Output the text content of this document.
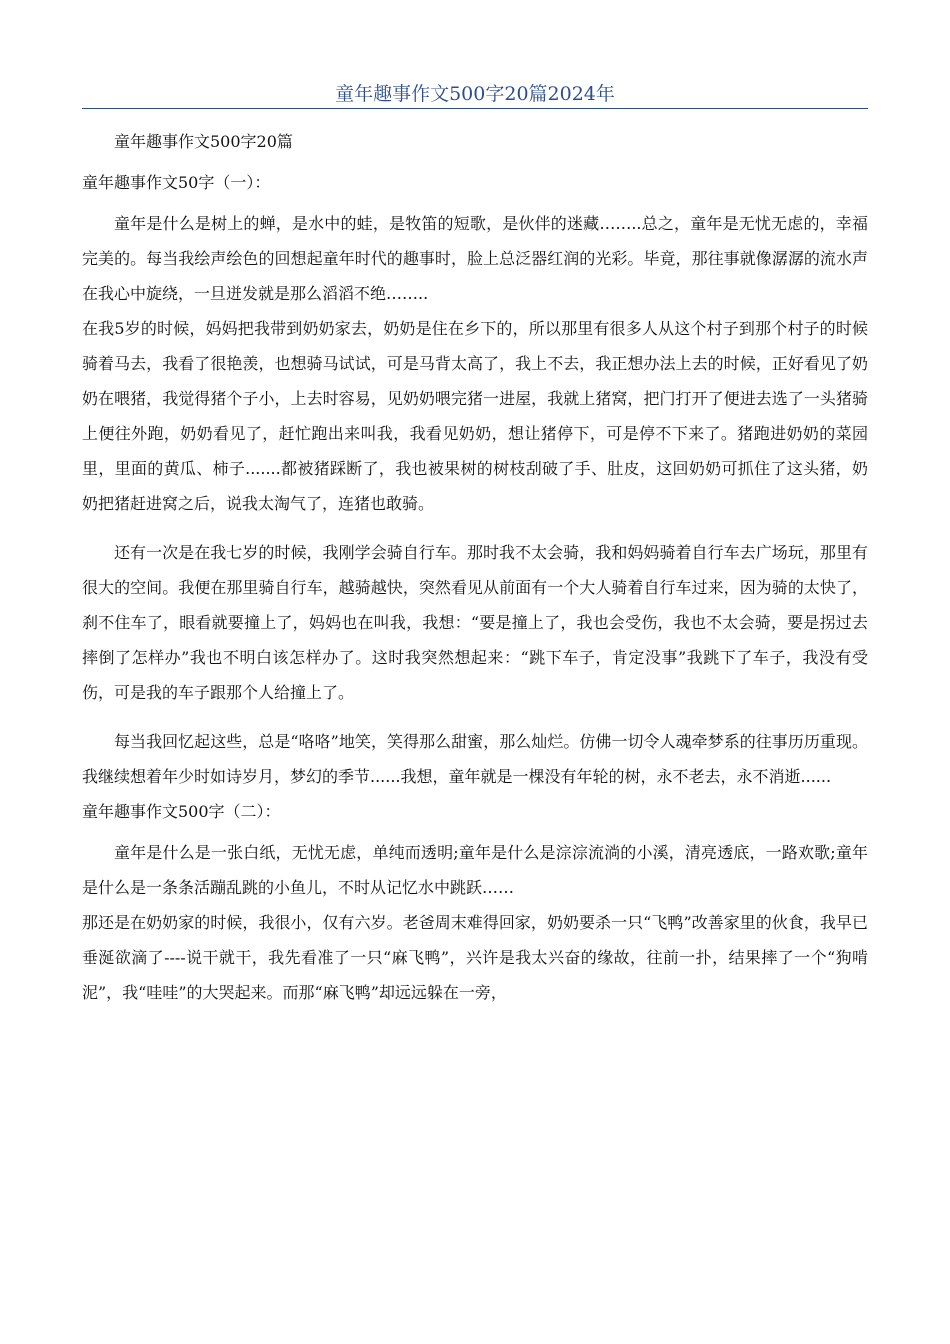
童年趣事作文500字20篇2024年

童年趣事作文500字20篇

童年趣事作文50字（一）：

童年是什么是树上的蝉，是水中的蛙，是牧笛的短歌，是伙伴的迷藏……..总之，童年是无忧无虑的，幸福完美的。每当我绘声绘色的回想起童年时代的趣事时，脸上总泛器红润的光彩。毕竟，那往事就像潺潺的流水声在我心中旋绕，一旦迸发就是那么滔滔不绝……..

在我5岁的时候，妈妈把我带到奶奶家去，奶奶是住在乡下的，所以那里有很多人从这个村子到那个村子的时候骑着马去，我看了很艳羡，也想骑马试试，可是马背太高了，我上不去，我正想办法上去的时候，正好看见了奶奶在喂猪，我觉得猪个子小，上去时容易，见奶奶喂完猪一进屋，我就上猪窝，把门打开了便进去选了一头猪骑上便往外跑，奶奶看见了，赶忙跑出来叫我，我看见奶奶，想让猪停下，可是停不下来了。猪跑进奶奶的菜园里，里面的黄瓜、柿子.......都被猪踩断了，我也被果树的树枝刮破了手、肚皮，这回奶奶可抓住了这头猪，奶奶把猪赶进窝之后，说我太淘气了，连猪也敢骑。

还有一次是在我七岁的时候，我刚学会骑自行车。那时我不太会骑，我和妈妈骑着自行车去广场玩，那里有很大的空间。我便在那里骑自行车，越骑越快，突然看见从前面有一个大人骑着自行车过来，因为骑的太快了，刹不住车了，眼看就要撞上了，妈妈也在叫我，我想：“要是撞上了，我也会受伤，我也不太会骑，要是拐过去摔倒了怎样办”我也不明白该怎样办了。这时我突然想起来：“跳下车子，肯定没事”我跳下了车子，我没有受伤，可是我的车子跟那个人给撞上了。

每当我回忆起这些，总是“咯咯”地笑，笑得那么甜蜜，那么灿烂。仿佛一切令人魂牵梦系的往事历历重现。我继续想着年少时如诗岁月，梦幻的季节......我想，童年就是一棵没有年轮的树，永不老去，永不消逝......

童年趣事作文500字（二）：

童年是什么是一张白纸，无忧无虑，单纯而透明;童年是什么是淙淙流淌的小溪，清亮透底，一路欢歌;童年是什么是一条条活蹦乱跳的小鱼儿，不时从记忆水中跳跃……

那还是在奶奶家的时候，我很小，仅有六岁。老爸周末难得回家，奶奶要杀一只“飞鸭”改善家里的伙食，我早已垂涎欲滴了----说干就干，我先看准了一只“麻飞鸭”，兴许是我太兴奋的缘故，往前一扑，结果摔了一个“狗啃泥”，我“哇哇”的大哭起来。而那“麻飞鸭”却远远躲在一旁，
